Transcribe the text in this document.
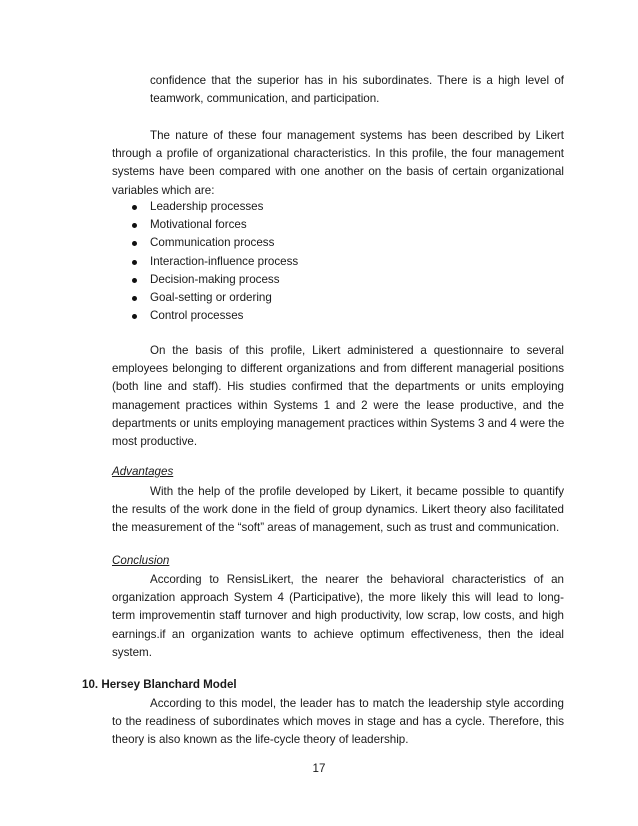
confidence that the superior has in his subordinates. There is a high level of
teamwork, communication, and participation.
The nature of these four management systems has been described by Likert
through a profile of organizational characteristics. In this profile, the four management
systems have been compared with one another on the basis of certain organizational
variables which are:
Leadership processes
Motivational forces
Communication process
Interaction-influence process
Decision-making process
Goal-setting or ordering
Control processes
On the basis of this profile, Likert administered a questionnaire to several
employees belonging to different organizations and from different managerial positions
(both line and staff). His studies confirmed that the departments or units employing
management practices within Systems 1 and 2 were the lease productive, and the
departments or units employing management practices within Systems 3 and 4 were the
most productive.
Advantages
With the help of the profile developed by Likert, it became possible to quantify
the results of the work done in the field of group dynamics. Likert theory also facilitated
the measurement of the “soft” areas of management, such as trust and communication.
Conclusion
According to RensisLikert, the nearer the behavioral characteristics of an
organization approach System 4 (Participative), the more likely this will lead to long-
term improvementin staff turnover and high productivity, low scrap, low costs, and high
earnings.if an organization wants to achieve optimum effectiveness, then the ideal
system.
10. Hersey Blanchard Model
According to this model, the leader has to match the leadership style according
to the readiness of subordinates which moves in stage and has a cycle. Therefore, this
theory is also known as the life-cycle theory of leadership.
17
